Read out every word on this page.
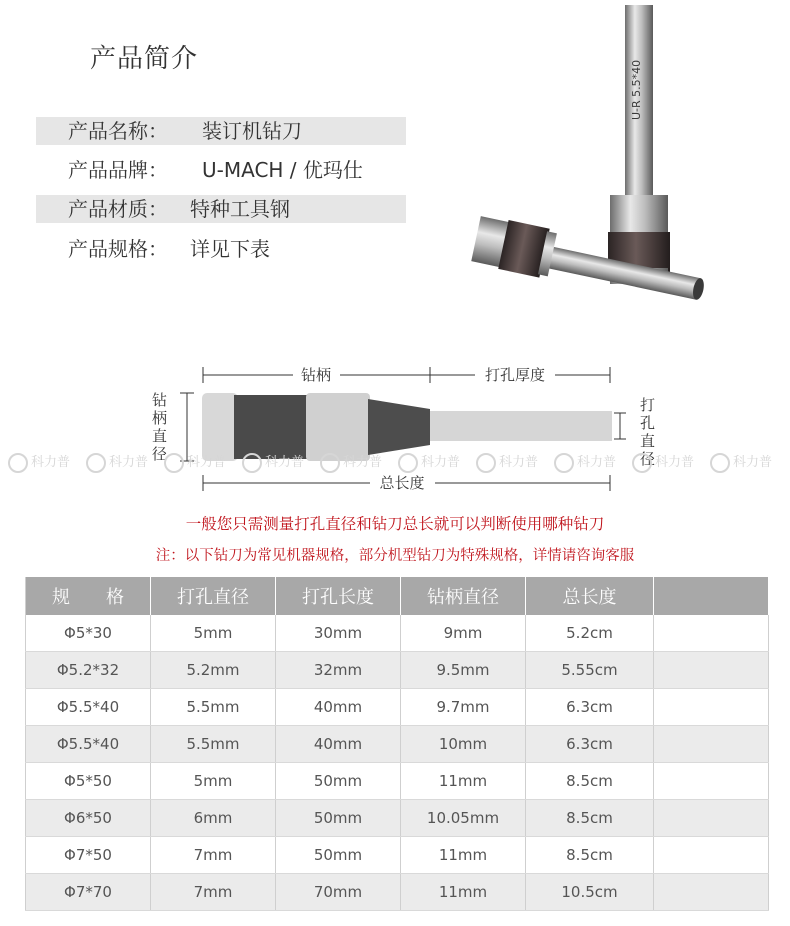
产品简介
产品名称： 装订机钻刀
产品品牌： U-MACH / 优玛仕
产品材质： 特种工具钢
产品规格： 详见下表
U-R 5.5*40
钻柄	打孔厚度
钻
柄
直
径
打
孔
直
径
总长度
科力普	科力普	科力普	科力普	科力普	科力普	科力普	科力普	科力普	科力普
一般您只需测量打孔直径和钻刀总长就可以判断使用哪种钻刀
注：以下钻刀为常见机器规格，部分机型钻刀为特殊规格，详情请咨询客服
规　　格	打孔直径	打孔长度	钻柄直径	总长度	
Φ5*30	5mm	30mm	9mm	5.2cm	
Φ5.2*32	5.2mm	32mm	9.5mm	5.55cm	
Φ5.5*40	5.5mm	40mm	9.7mm	6.3cm	
Φ5.5*40	5.5mm	40mm	10mm	6.3cm	
Φ5*50	5mm	50mm	11mm	8.5cm	
Φ6*50	6mm	50mm	10.05mm	8.5cm	
Φ7*50	7mm	50mm	11mm	8.5cm	
Φ7*70	7mm	70mm	11mm	10.5cm	
